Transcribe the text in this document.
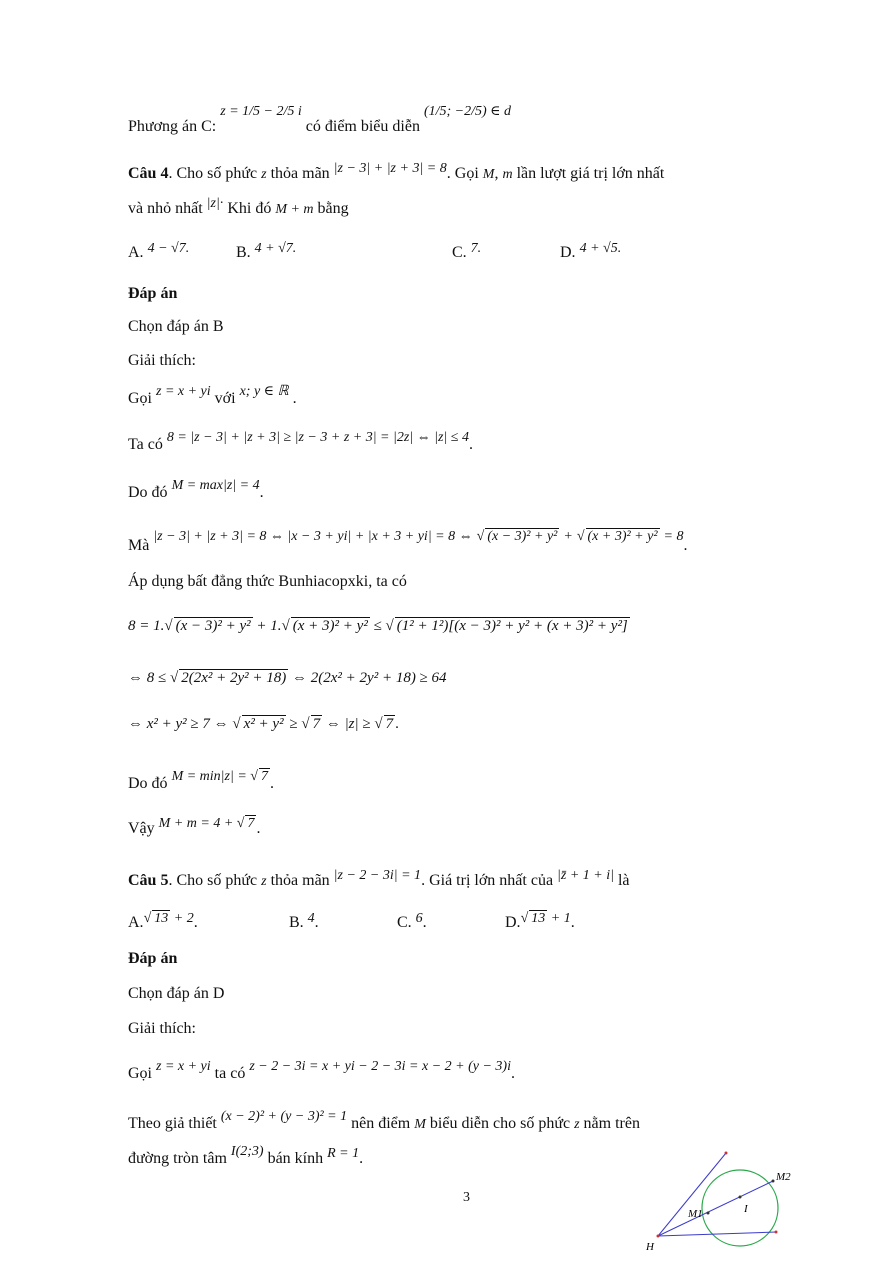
Phương án C: z = 1/5 − 2/5 i có điểm biểu diễn (1/5; −2/5) ∈ d
Câu 4. Cho số phức z thỏa mãn |z − 3| + |z + 3| = 8. Gọi M, m lần lượt giá trị lớn nhất
và nhỏ nhất |z|· Khi đó M + m bằng
A. 4 − √7.	B. 4 + √7.	C. 7.	D. 4 + √5.
Đáp án
Chọn đáp án B
Giải thích:
Gọi z = x + yi với x; y ∈ ℝ .
Ta có 8 = |z − 3| + |z + 3| ≥ |z − 3 + z + 3| = |2z| ⇔ |z| ≤ 4.
Do đó M = max|z| = 4.
Mà |z − 3| + |z + 3| = 8 ⇔ |x − 3 + yi| + |x + 3 + yi| = 8 ⇔ √ (x − 3)² + y² + √ (x + 3)² + y² = 8.
Áp dụng bất đẳng thức Bunhiacopxki, ta có
8 = 1.√ (x − 3)² + y² + 1.√ (x + 3)² + y² ≤ √ (1² + 1²)[(x − 3)² + y² + (x + 3)² + y²]
⇔ 8 ≤ √ 2(2x² + 2y² + 18) ⇔ 2(2x² + 2y² + 18) ≥ 64
⇔ x² + y² ≥ 7 ⇔ √ x² + y² ≥ √ 7 ⇔ |z| ≥ √ 7 .
Do đó M = min|z| = √ 7 .
Vậy M + m = 4 + √ 7 .
Câu 5. Cho số phức z thỏa mãn |z − 2 − 3i| = 1. Giá trị lớn nhất của |z̄ + 1 + i| là
A.√ 13 + 2.	B. 4.	C. 6.	D.√ 13 + 1.
Đáp án
Chọn đáp án D
Giải thích:
Gọi z = x + yi ta có z − 2 − 3i = x + yi − 2 − 3i = x − 2 + (y − 3)i.
Theo giả thiết (x − 2)² + (y − 3)² = 1 nên điểm M biểu diễn cho số phức z nằm trên
đường tròn tâm I(2;3) bán kính R = 1.
3
M2
M1	I
H
